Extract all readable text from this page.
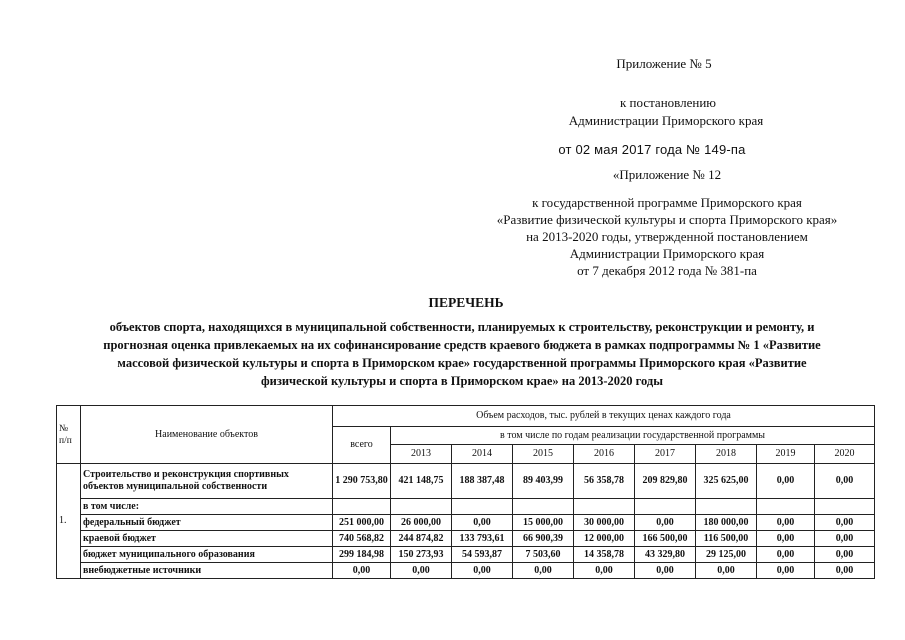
Приложение № 5
к постановлению
Администрации Приморского края
от 02 мая 2017 года № 149-па
«Приложение № 12
к государственной программе Приморского края
«Развитие физической культуры и спорта Приморского края»
на 2013-2020 годы, утвержденной постановлением
Администрации Приморского края
от 7 декабря 2012 года № 381-па
ПЕРЕЧЕНЬ
объектов спорта, находящихся в муниципальной собственности, планируемых к строительству, реконструкции и ремонту, и
прогнозная оценка привлекаемых на их софинансирование средств краевого бюджета в рамках подпрограммы № 1 «Развитие
массовой физической культуры и спорта в Приморском крае» государственной программы Приморского края «Развитие
физической культуры и спорта в Приморском крае» на 2013-2020 годы
№ п/п	Наименование объектов	Объем расходов, тыс. рублей в текущих ценах каждого года								
		всего	в том числе по годам реализации государственной программы							
			2013	2014	2015	2016	2017	2018	2019	2020
1.	Строительство и реконструкция спортивных объектов муниципальной собственности	1 290 753,80	421 148,75	188 387,48	89 403,99	56 358,78	209 829,80	325 625,00	0,00	0,00
	в том числе:									
	федеральный бюджет	251 000,00	26 000,00	0,00	15 000,00	30 000,00	0,00	180 000,00	0,00	0,00
	краевой бюджет	740 568,82	244 874,82	133 793,61	66 900,39	12 000,00	166 500,00	116 500,00	0,00	0,00
	бюджет муниципального образования	299 184,98	150 273,93	54 593,87	7 503,60	14 358,78	43 329,80	29 125,00	0,00	0,00
	внебюджетные источники	0,00	0,00	0,00	0,00	0,00	0,00	0,00	0,00	0,00
